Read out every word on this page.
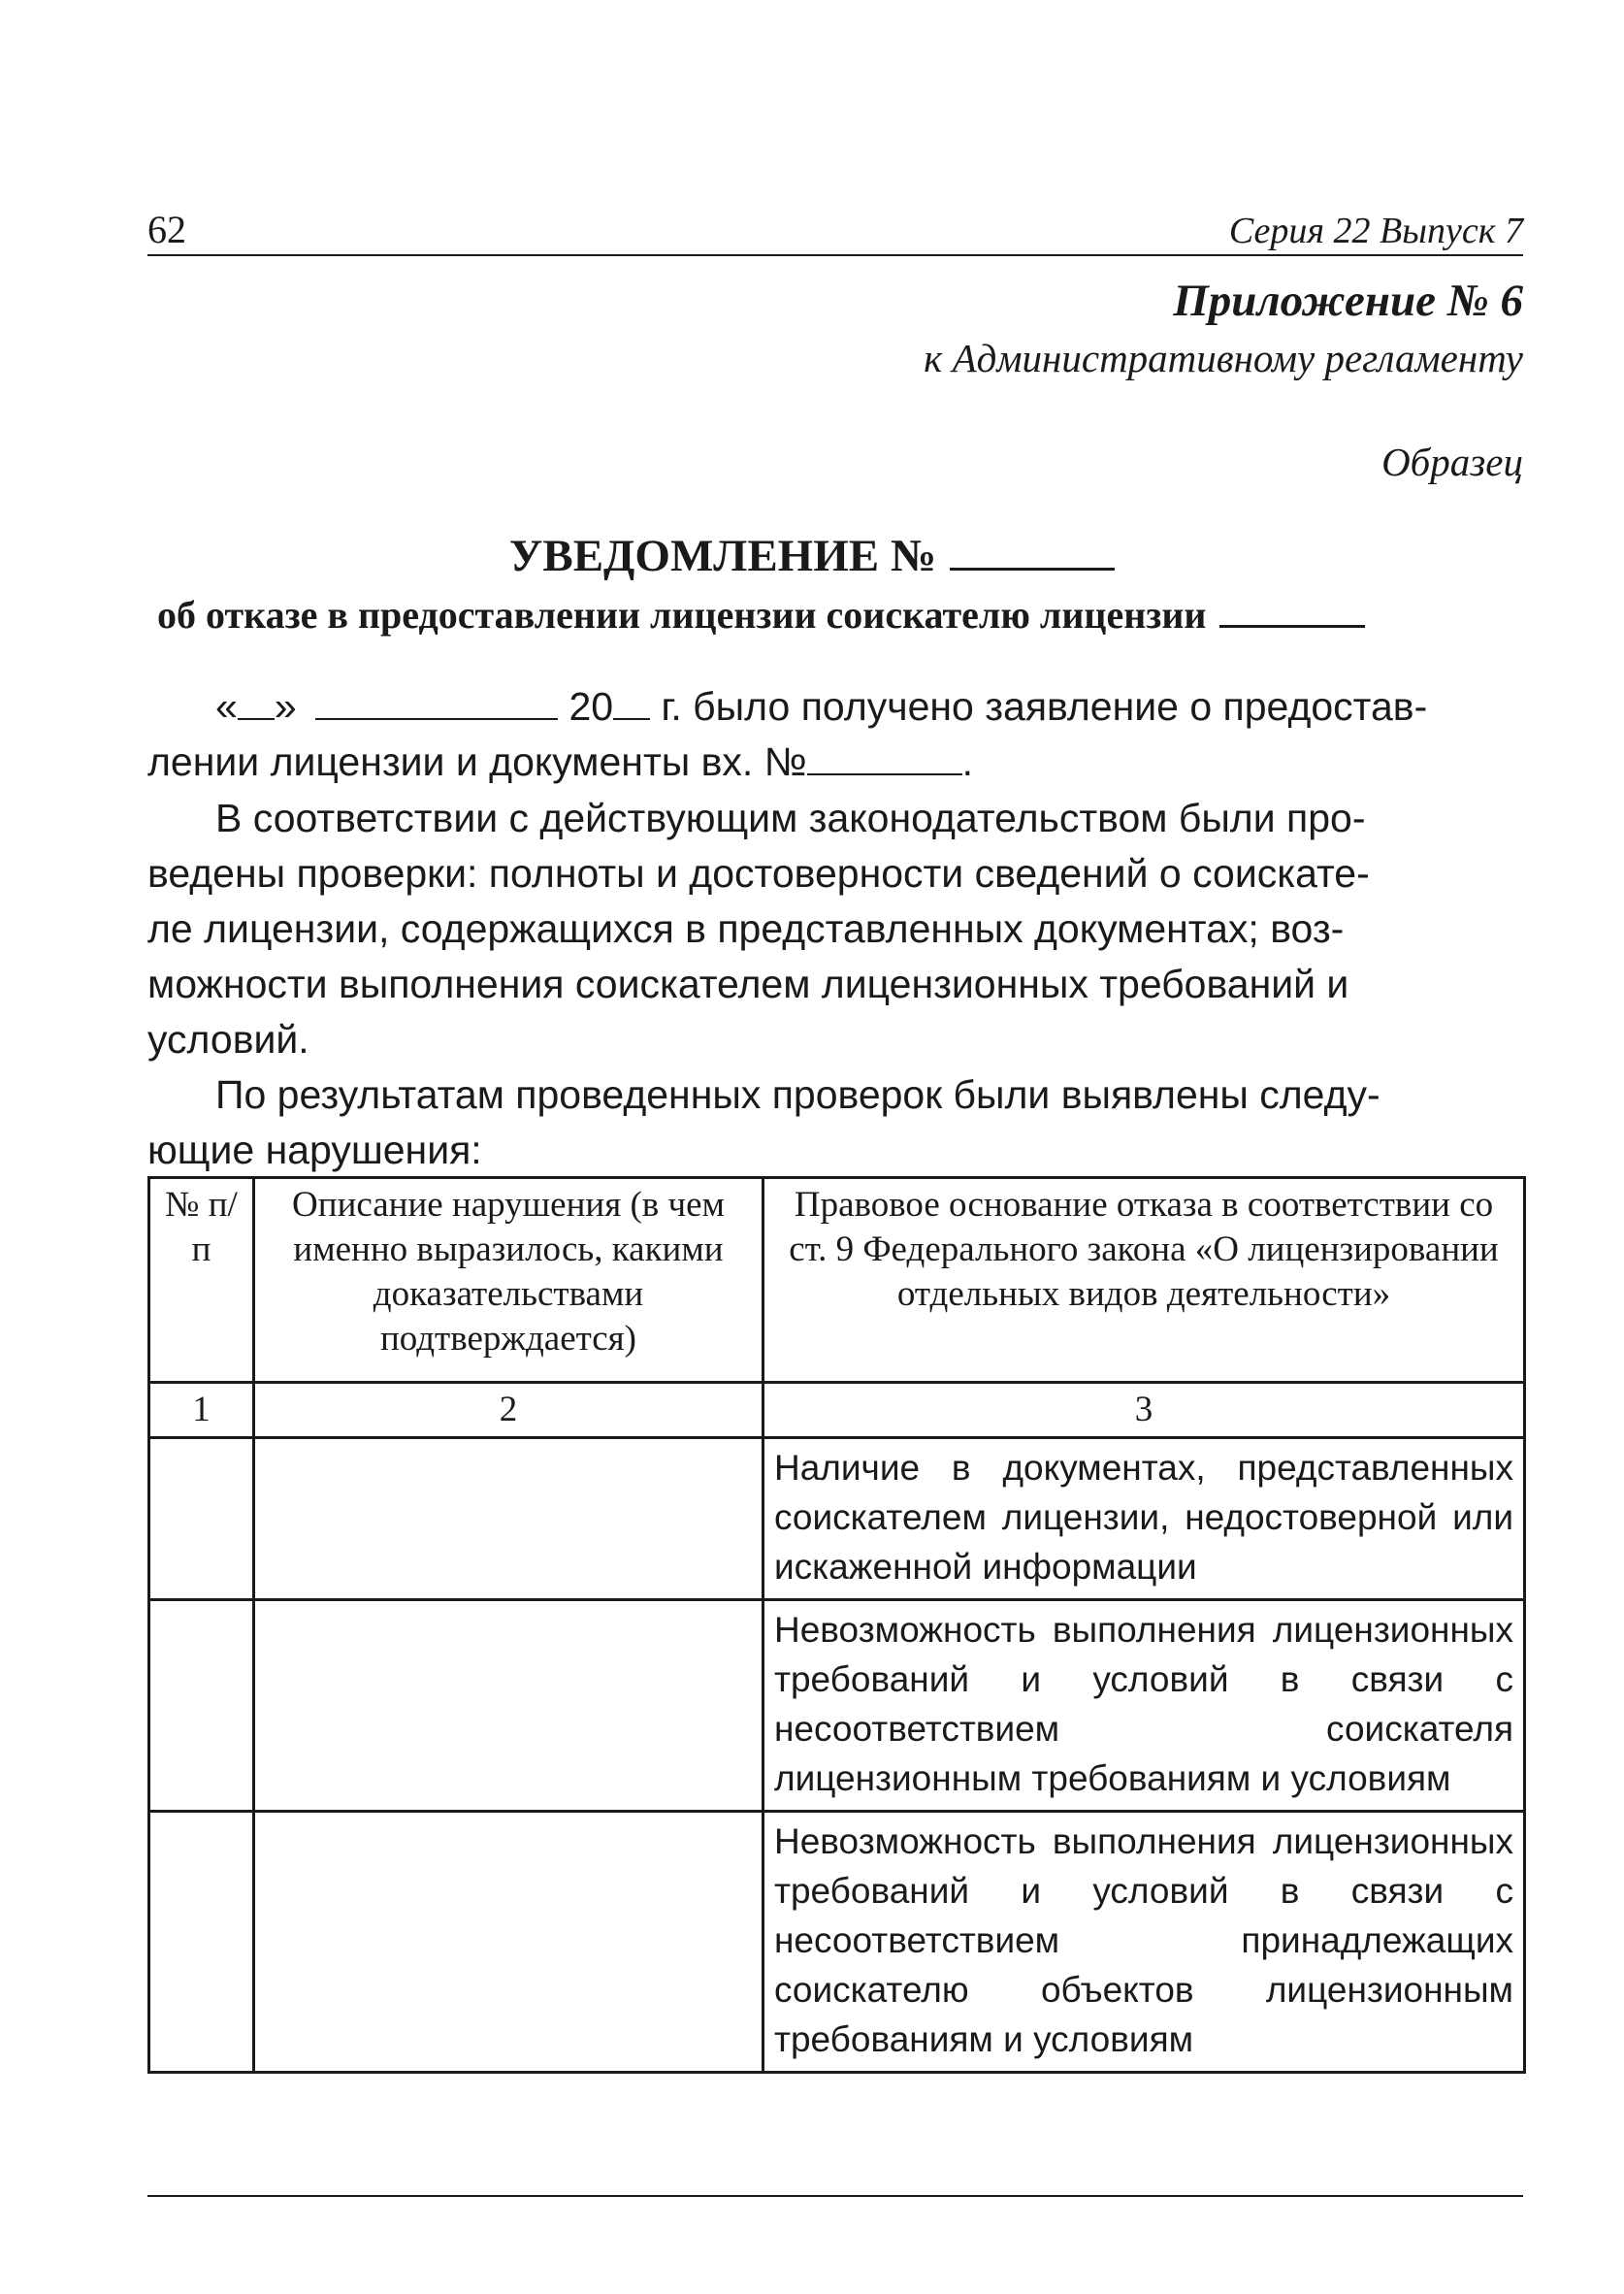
62	Серия 22 Выпуск 7
Приложение № 6
к Административному регламенту
Образец
УВЕДОМЛЕНИЕ №
об отказе в предоставлении лицензии соискателю лицензии
« »	20 г. было получено заявление о предостав-
лении лицензии и документы вх. №	.
В соответствии с действующим законодательством были про-
ведены проверки: полноты и достоверности сведений о соискате-
ле лицензии, содержащихся в представленных документах; воз-
можности выполнения соискателем лицензионных требований и
условий.
По результатам проведенных проверок были выявлены следу-
ющие нарушения:
№ п/п	Описание нарушения (в чем именно выразилось, какими доказательствами подтверждается)	Правовое основание отказа в соответствии со ст. 9 Федерального закона «О лицензировании отдельных видов деятельности»
1	2	3
		Наличие в документах, представленных соискателем лицензии, недостоверной или искаженной информации
		Невозможность выполнения лицензионных требований и условий в связи с несоответствием соискателя лицензионным требованиям и условиям
		Невозможность выполнения лицензионных требований и условий в связи с несоответствием принадлежащих соискателю объектов лицензионным требованиям и условиям
